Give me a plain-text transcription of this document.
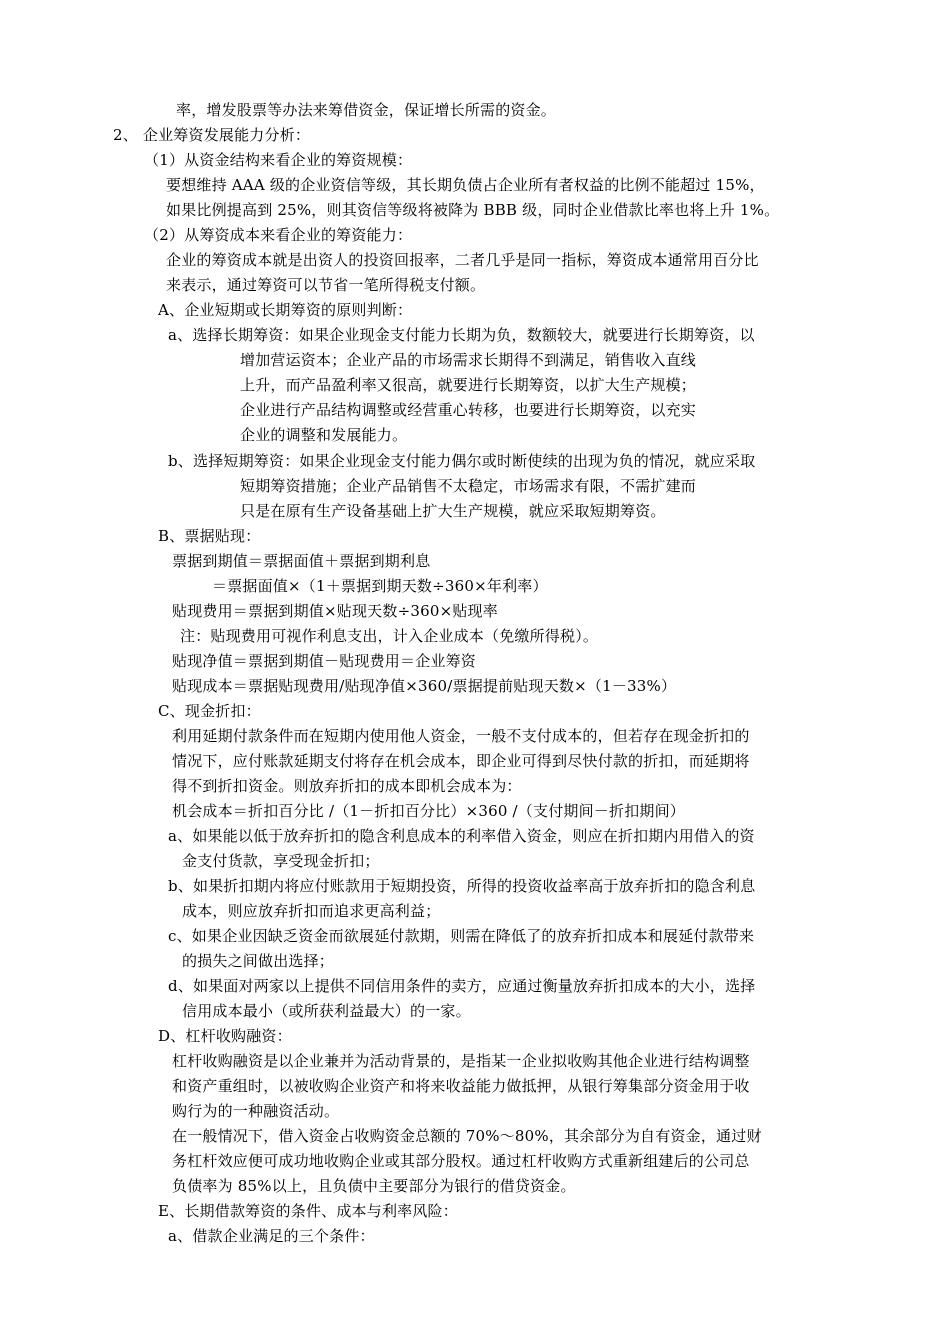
率，增发股票等办法来筹借资金，保证增长所需的资金。
2、 企业筹资发展能力分析：
（1）从资金结构来看企业的筹资规模：
要想维持 AAA 级的企业资信等级，其长期负债占企业所有者权益的比例不能超过 15%，
如果比例提高到 25%，则其资信等级将被降为 BBB 级，同时企业借款比率也将上升 1%。
（2）从筹资成本来看企业的筹资能力：
企业的筹资成本就是出资人的投资回报率，二者几乎是同一指标，筹资成本通常用百分比
来表示，通过筹资可以节省一笔所得税支付额。
A、企业短期或长期筹资的原则判断：
a、选择长期筹资：如果企业现金支付能力长期为负，数额较大，就要进行长期筹资，以
增加营运资本；企业产品的市场需求长期得不到满足，销售收入直线
上升，而产品盈利率又很高，就要进行长期筹资，以扩大生产规模；
企业进行产品结构调整或经营重心转移，也要进行长期筹资，以充实
企业的调整和发展能力。
b、选择短期筹资：如果企业现金支付能力偶尔或时断使续的出现为负的情况，就应采取
短期筹资措施；企业产品销售不太稳定，市场需求有限，不需扩建而
只是在原有生产设备基础上扩大生产规模，就应采取短期筹资。
B、票据贴现：
票据到期值＝票据面值＋票据到期利息
＝票据面值×（1＋票据到期天数÷360×年利率）
贴现费用＝票据到期值×贴现天数÷360×贴现率
注：贴现费用可视作利息支出，计入企业成本（免缴所得税）。
贴现净值＝票据到期值－贴现费用＝企业筹资
贴现成本＝票据贴现费用/贴现净值×360/票据提前贴现天数×（1－33%）
C、现金折扣：
利用延期付款条件而在短期内使用他人资金，一般不支付成本的，但若存在现金折扣的
情况下，应付账款延期支付将存在机会成本，即企业可得到尽快付款的折扣，而延期将
得不到折扣资金。则放弃折扣的成本即机会成本为：
机会成本＝折扣百分比 /（1－折扣百分比）×360 /（支付期间－折扣期间）
a、如果能以低于放弃折扣的隐含利息成本的利率借入资金，则应在折扣期内用借入的资
金支付货款，享受现金折扣；
b、如果折扣期内将应付账款用于短期投资，所得的投资收益率高于放弃折扣的隐含利息
成本，则应放弃折扣而追求更高利益；
c、如果企业因缺乏资金而欲展延付款期，则需在降低了的放弃折扣成本和展延付款带来
的损失之间做出选择；
d、如果面对两家以上提供不同信用条件的卖方，应通过衡量放弃折扣成本的大小，选择
信用成本最小（或所获利益最大）的一家。
D、杠杆收购融资：
杠杆收购融资是以企业兼并为活动背景的，是指某一企业拟收购其他企业进行结构调整
和资产重组时，以被收购企业资产和将来收益能力做抵押，从银行筹集部分资金用于收
购行为的一种融资活动。
在一般情况下，借入资金占收购资金总额的 70%～80%，其余部分为自有资金，通过财
务杠杆效应便可成功地收购企业或其部分股权。通过杠杆收购方式重新组建后的公司总
负债率为 85%以上，且负债中主要部分为银行的借贷资金。
E、长期借款筹资的条件、成本与利率风险：
a、借款企业满足的三个条件：
